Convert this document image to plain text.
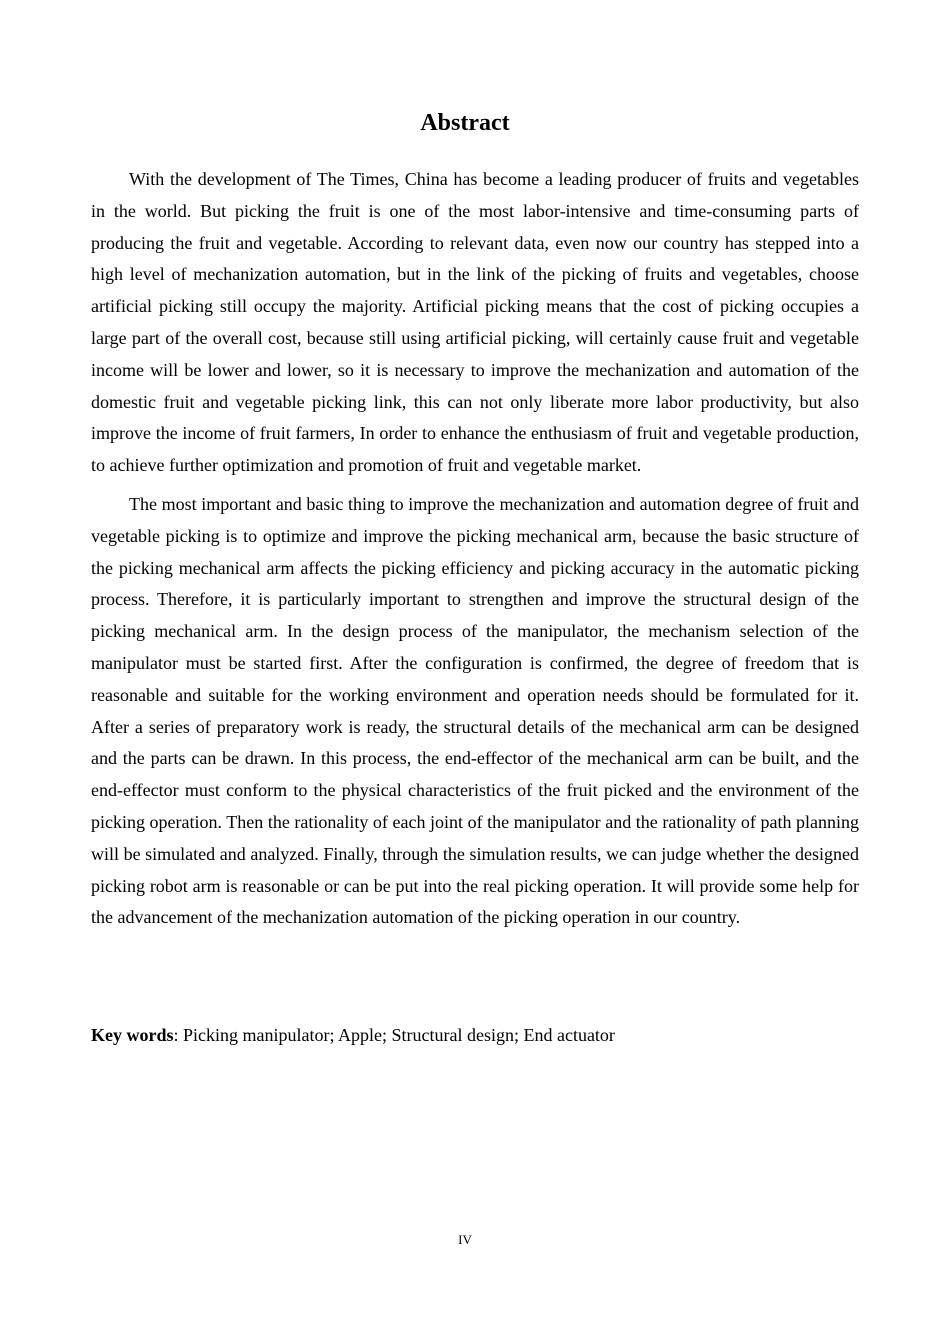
Abstract

With the development of The Times, China has become a leading producer of fruits and vegetables in the world. But picking the fruit is one of the most labor-intensive and time-consuming parts of producing the fruit and vegetable. According to relevant data, even now our country has stepped into a high level of mechanization automation, but in the link of the picking of fruits and vegetables, choose artificial picking still occupy the majority. Artificial picking means that the cost of picking occupies a large part of the overall cost, because still using artificial picking, will certainly cause fruit and vegetable income will be lower and lower, so it is necessary to improve the mechanization and automation of the domestic fruit and vegetable picking link, this can not only liberate more labor productivity, but also improve the income of fruit farmers, In order to enhance the enthusiasm of fruit and vegetable production, to achieve further optimization and promotion of fruit and vegetable market.

The most important and basic thing to improve the mechanization and automation degree of fruit and vegetable picking is to optimize and improve the picking mechanical arm, because the basic structure of the picking mechanical arm affects the picking efficiency and picking accuracy in the automatic picking process. Therefore, it is particularly important to strengthen and improve the structural design of the picking mechanical arm. In the design process of the manipulator, the mechanism selection of the manipulator must be started first. After the configuration is confirmed, the degree of freedom that is reasonable and suitable for the working environment and operation needs should be formulated for it. After a series of preparatory work is ready, the structural details of the mechanical arm can be designed and the parts can be drawn. In this process, the end-effector of the mechanical arm can be built, and the end-effector must conform to the physical characteristics of the fruit picked and the environment of the picking operation. Then the rationality of each joint of the manipulator and the rationality of path planning will be simulated and analyzed. Finally, through the simulation results, we can judge whether the designed picking robot arm is reasonable or can be put into the real picking operation. It will provide some help for the advancement of the mechanization automation of the picking operation in our country.

Key words: Picking manipulator; Apple; Structural design; End actuator

IV
